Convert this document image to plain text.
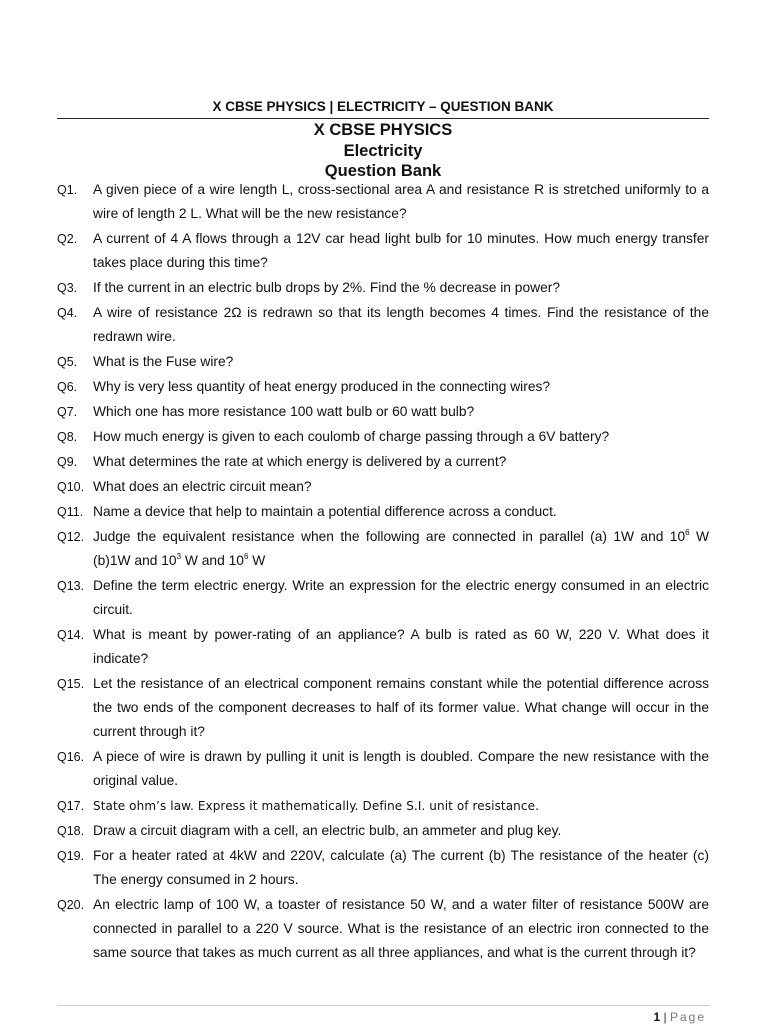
X CBSE PHYSICS | ELECTRICITY – QUESTION BANK
X CBSE PHYSICS
Electricity
Question Bank
Q1.	A given piece of a wire length L, cross-sectional area A and resistance R is stretched uniformly to a wire of length 2 L. What will be the new resistance?
Q2.	A current of 4 A flows through a 12V car head light bulb for 10 minutes. How much energy transfer takes place during this time?
Q3.	If the current in an electric bulb drops by 2%. Find the % decrease in power?
Q4.	A wire of resistance 2Ω is redrawn so that its length becomes 4 times. Find the resistance of the redrawn wire.
Q5.	What is the Fuse wire?
Q6.	Why is very less quantity of heat energy produced in the connecting wires?
Q7.	Which one has more resistance 100 watt bulb or 60 watt bulb?
Q8.	How much energy is given to each coulomb of charge passing through a 6V battery?
Q9.	What determines the rate at which energy is delivered by a current?
Q10. What does an electric circuit mean?
Q11. Name a device that help to maintain a potential difference across a conduct.
Q12. Judge the equivalent resistance when the following are connected in parallel (a) 1W and $10^6$ W (b)1W and $10^3$ W and $10^6$ W
Q13. Define the term electric energy. Write an expression for the electric energy consumed in an electric circuit.
Q14. What is meant by power-rating of an appliance? A bulb is rated as 60 W, 220 V. What does it indicate?
Q15. Let the resistance of an electrical component remains constant while the potential difference across the two ends of the component decreases to half of its former value. What change will occur in the current through it?
Q16. A piece of wire is drawn by pulling it unit is length is doubled. Compare the new resistance with the original value.
Q17. State ohm’s law. Express it mathematically. Define S.I. unit of resistance.
Q18. Draw a circuit diagram with a cell, an electric bulb, an ammeter and plug key.
Q19. For a heater rated at 4kW and 220V, calculate (a) The current (b) The resistance of the heater (c) The energy consumed in 2 hours.
Q20. An electric lamp of 100 W, a toaster of resistance 50 W, and a water filter of resistance 500W are connected in parallel to a 220 V source. What is the resistance of an electric iron connected to the same source that takes as much current as all three appliances, and what is the current through it?
1 | Page
